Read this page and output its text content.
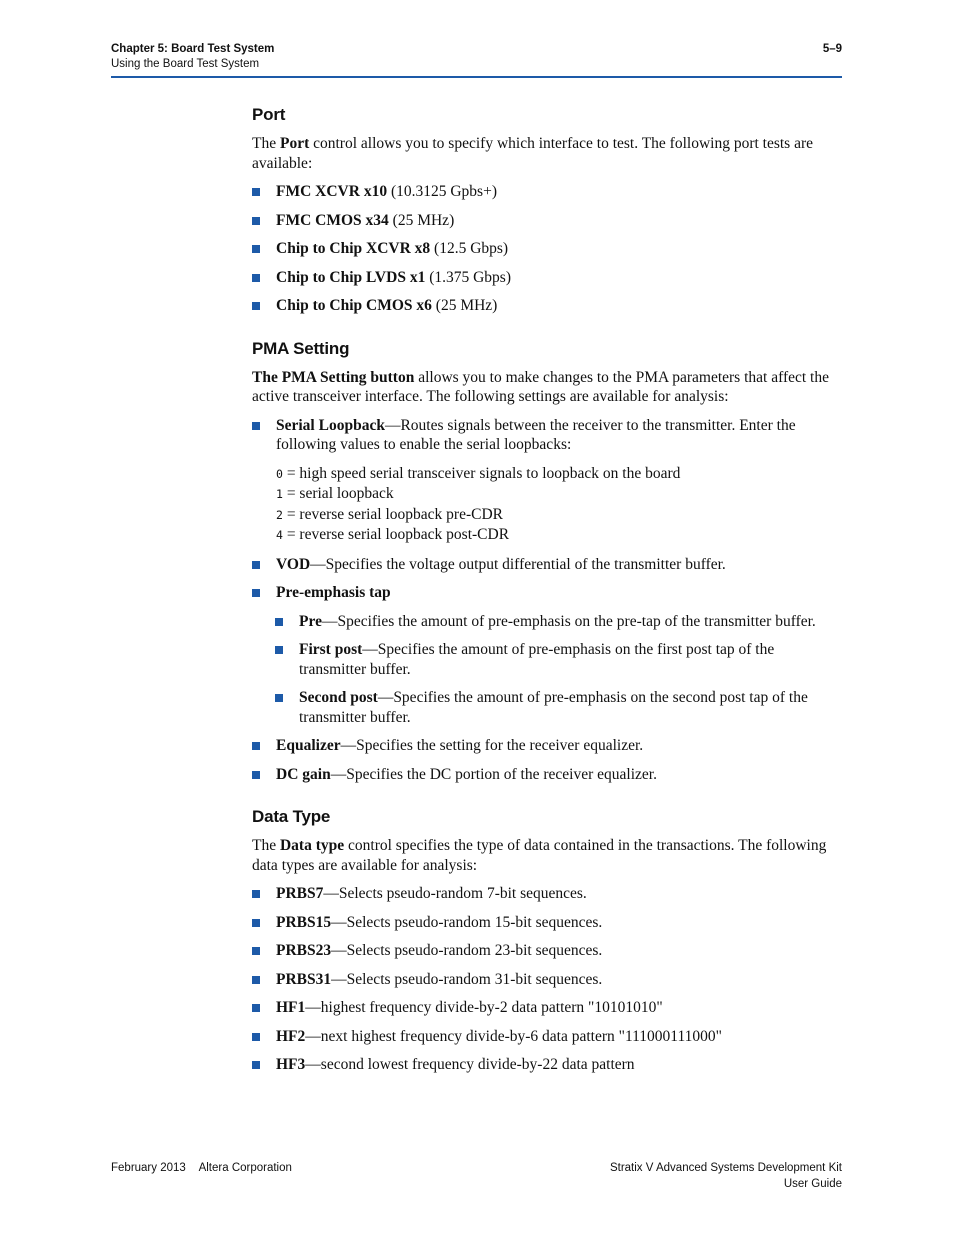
Chapter 5: Board Test System
Using the Board Test System
5–9
Port

The Port control allows you to specify which interface to test. The following port tests are available:

FMC XCVR x10 (10.3125 Gpbs+)
FMC CMOS x34 (25 MHz)
Chip to Chip XCVR x8 (12.5 Gbps)
Chip to Chip LVDS x1 (1.375 Gbps)
Chip to Chip CMOS x6 (25 MHz)
PMA Setting

The PMA Setting button allows you to make changes to the PMA parameters that affect the active transceiver interface. The following settings are available for analysis:

Serial Loopback—Routes signals between the receiver to the transmitter. Enter the following values to enable the serial loopbacks:
0 = high speed serial transceiver signals to loopback on the board
1 = serial loopback
2 = reverse serial loopback pre-CDR
4 = reverse serial loopback post-CDR
VOD—Specifies the voltage output differential of the transmitter buffer.
Pre-emphasis tap
Pre—Specifies the amount of pre-emphasis on the pre-tap of the transmitter buffer.
First post—Specifies the amount of pre-emphasis on the first post tap of the transmitter buffer.
Second post—Specifies the amount of pre-emphasis on the second post tap of the transmitter buffer.
Equalizer—Specifies the setting for the receiver equalizer.
DC gain—Specifies the DC portion of the receiver equalizer.
Data Type

The Data type control specifies the type of data contained in the transactions. The following data types are available for analysis:

PRBS7—Selects pseudo-random 7-bit sequences.
PRBS15—Selects pseudo-random 15-bit sequences.
PRBS23—Selects pseudo-random 23-bit sequences.
PRBS31—Selects pseudo-random 31-bit sequences.
HF1—highest frequency divide-by-2 data pattern "10101010"
HF2—next highest frequency divide-by-6 data pattern "111000111000"
HF3—second lowest frequency divide-by-22 data pattern
February 2013 Altera Corporation	Stratix V Advanced Systems Development Kit
User Guide
